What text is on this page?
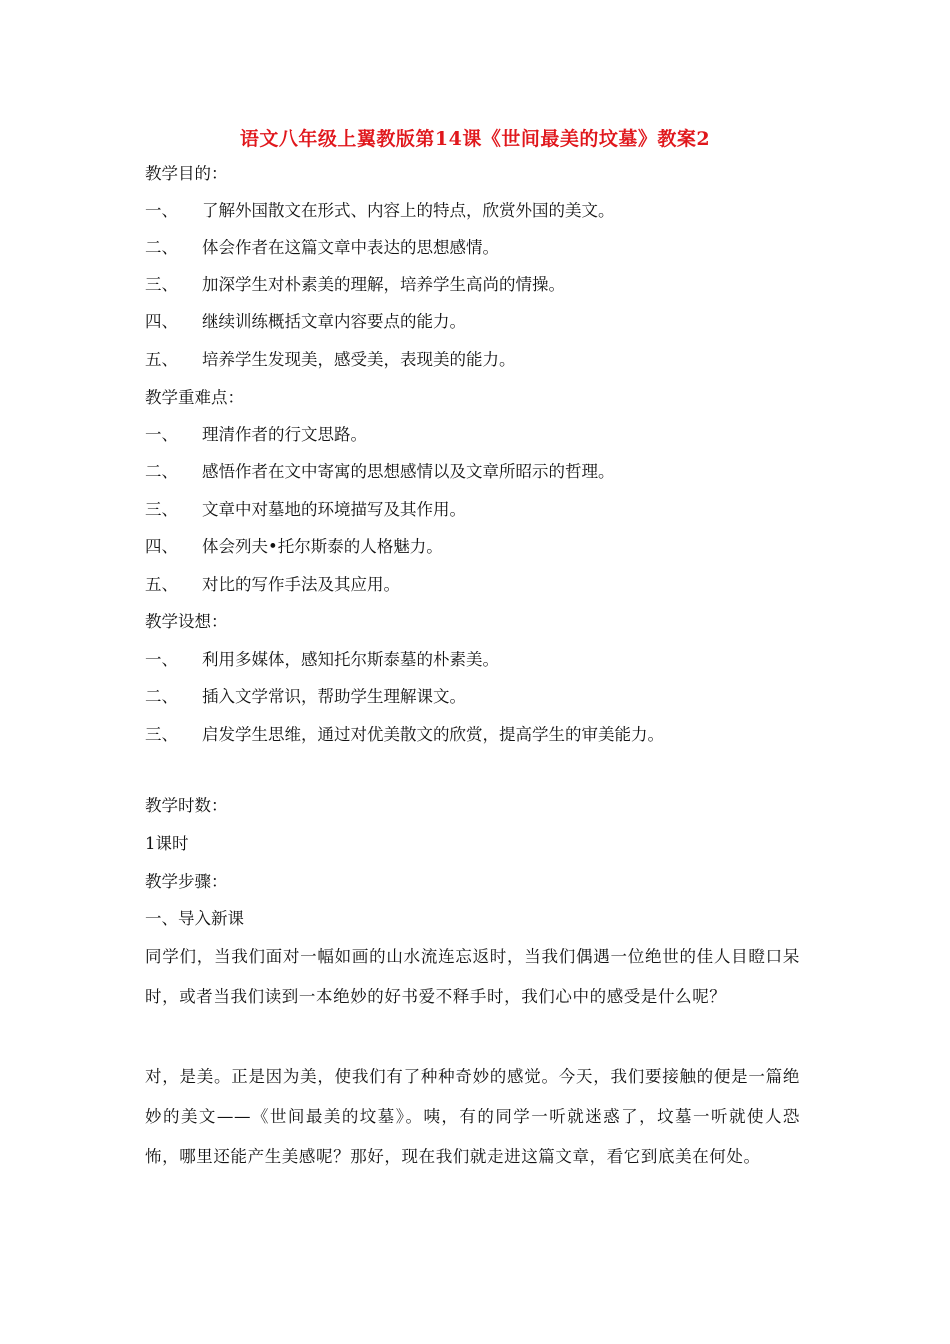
语文八年级上翼教版第14课《世间最美的坟墓》教案2
教学目的：
一、 了解外国散文在形式、内容上的特点，欣赏外国的美文。
二、 体会作者在这篇文章中表达的思想感情。
三、 加深学生对朴素美的理解，培养学生高尚的情操。
四、 继续训练概括文章内容要点的能力。
五、 培养学生发现美，感受美，表现美的能力。
教学重难点：
一、 理清作者的行文思路。
二、 感悟作者在文中寄寓的思想感情以及文章所昭示的哲理。
三、 文章中对墓地的环境描写及其作用。
四、 体会列夫•托尔斯泰的人格魅力。
五、 对比的写作手法及其应用。
教学设想：
一、 利用多媒体，感知托尔斯泰墓的朴素美。
二、 插入文学常识，帮助学生理解课文。
三、 启发学生思维，通过对优美散文的欣赏，提高学生的审美能力。
教学时数：
1课时
教学步骤：
一、导入新课
同学们，当我们面对一幅如画的山水流连忘返时，当我们偶遇一位绝世的佳人目瞪口呆时，或者当我们读到一本绝妙的好书爱不释手时，我们心中的感受是什么呢？
对，是美。正是因为美，使我们有了种种奇妙的感觉。今天，我们要接触的便是一篇绝妙的美文——《世间最美的坟墓》。咦，有的同学一听就迷惑了，坟墓一听就使人恐怖，哪里还能产生美感呢？那好，现在我们就走进这篇文章，看它到底美在何处。
